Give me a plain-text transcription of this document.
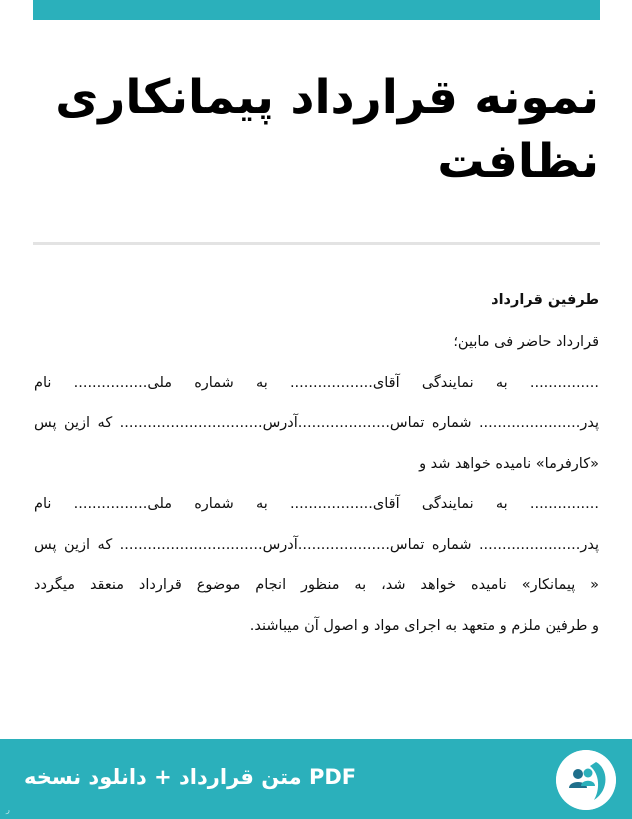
نمونه قرارداد پیمانکاری
نظافت
طرفین قرارداد
قرارداد حاضر فی مابین؛
............... به نمایندگی آقای.................. به شماره ملی................ نام
پدر...................... شماره تماس....................آدرس............................... که ازین پس
«کارفرما» نامیده خواهد شد و
............... به نمایندگی آقای.................. به شماره ملی................ نام
پدر...................... شماره تماس....................آدرس............................... که ازین پس
« پیمانکار» نامیده خواهد شد، به منظور انجام موضوع قرارداد منعقد میگردد
و طرفین ملزم و متعهد به اجرای مواد و اصول آن میباشند.
متن قرارداد + دانلود نسخه PDF
ر
